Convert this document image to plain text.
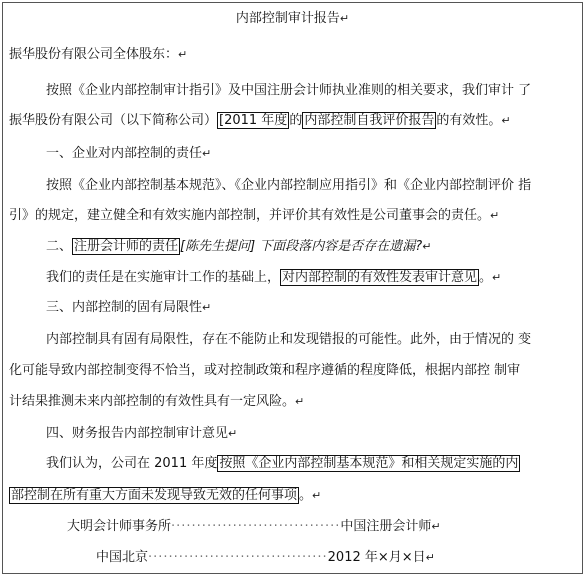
内部控制审计报告↵
振华股份有限公司全体股东：↵
按照《企业内部控制审计指引》及中国注册会计师执业准则的相关要求，我们审计 了
振华股份有限公司（以下简称公司） [2011 年度 的 内部控制自我评价报告 的有效性。↵
一、企业对内部控制的责任↵
按照《企业内部控制基本规范》、《企业内部控制应用指引》和《企业内部控制评价 指
引》的规定，建立健全和有效实施内部控制，并评价其有效性是公司董事会的责任。↵
二、 注册会计师的责任 [陈先生提问] 下面段落内容是否存在遗漏?↵
我们的责任是在实施审计工作的基础上， 对内部控制的有效性发表审计意见 。↵
三、内部控制的固有局限性↵
内部控制具有固有局限性，存在不能防止和发现错报的可能性。此外，由于情况的 变
化可能导致内部控制变得不恰当，或对控制政策和程序遵循的程度降低，根据内部控 制审
计结果推测未来内部控制的有效性具有一定风险。↵
四、财务报告内部控制审计意见↵
我们认为，公司在 2011 年度 按照《企业内部控制基本规范》和相关规定实施的内
部控制在所有重大方面未发现导致无效的任何事项 。↵
大明会计师事务所·································中国注册会计师↵
中国北京···································2012 年×月×日↵
